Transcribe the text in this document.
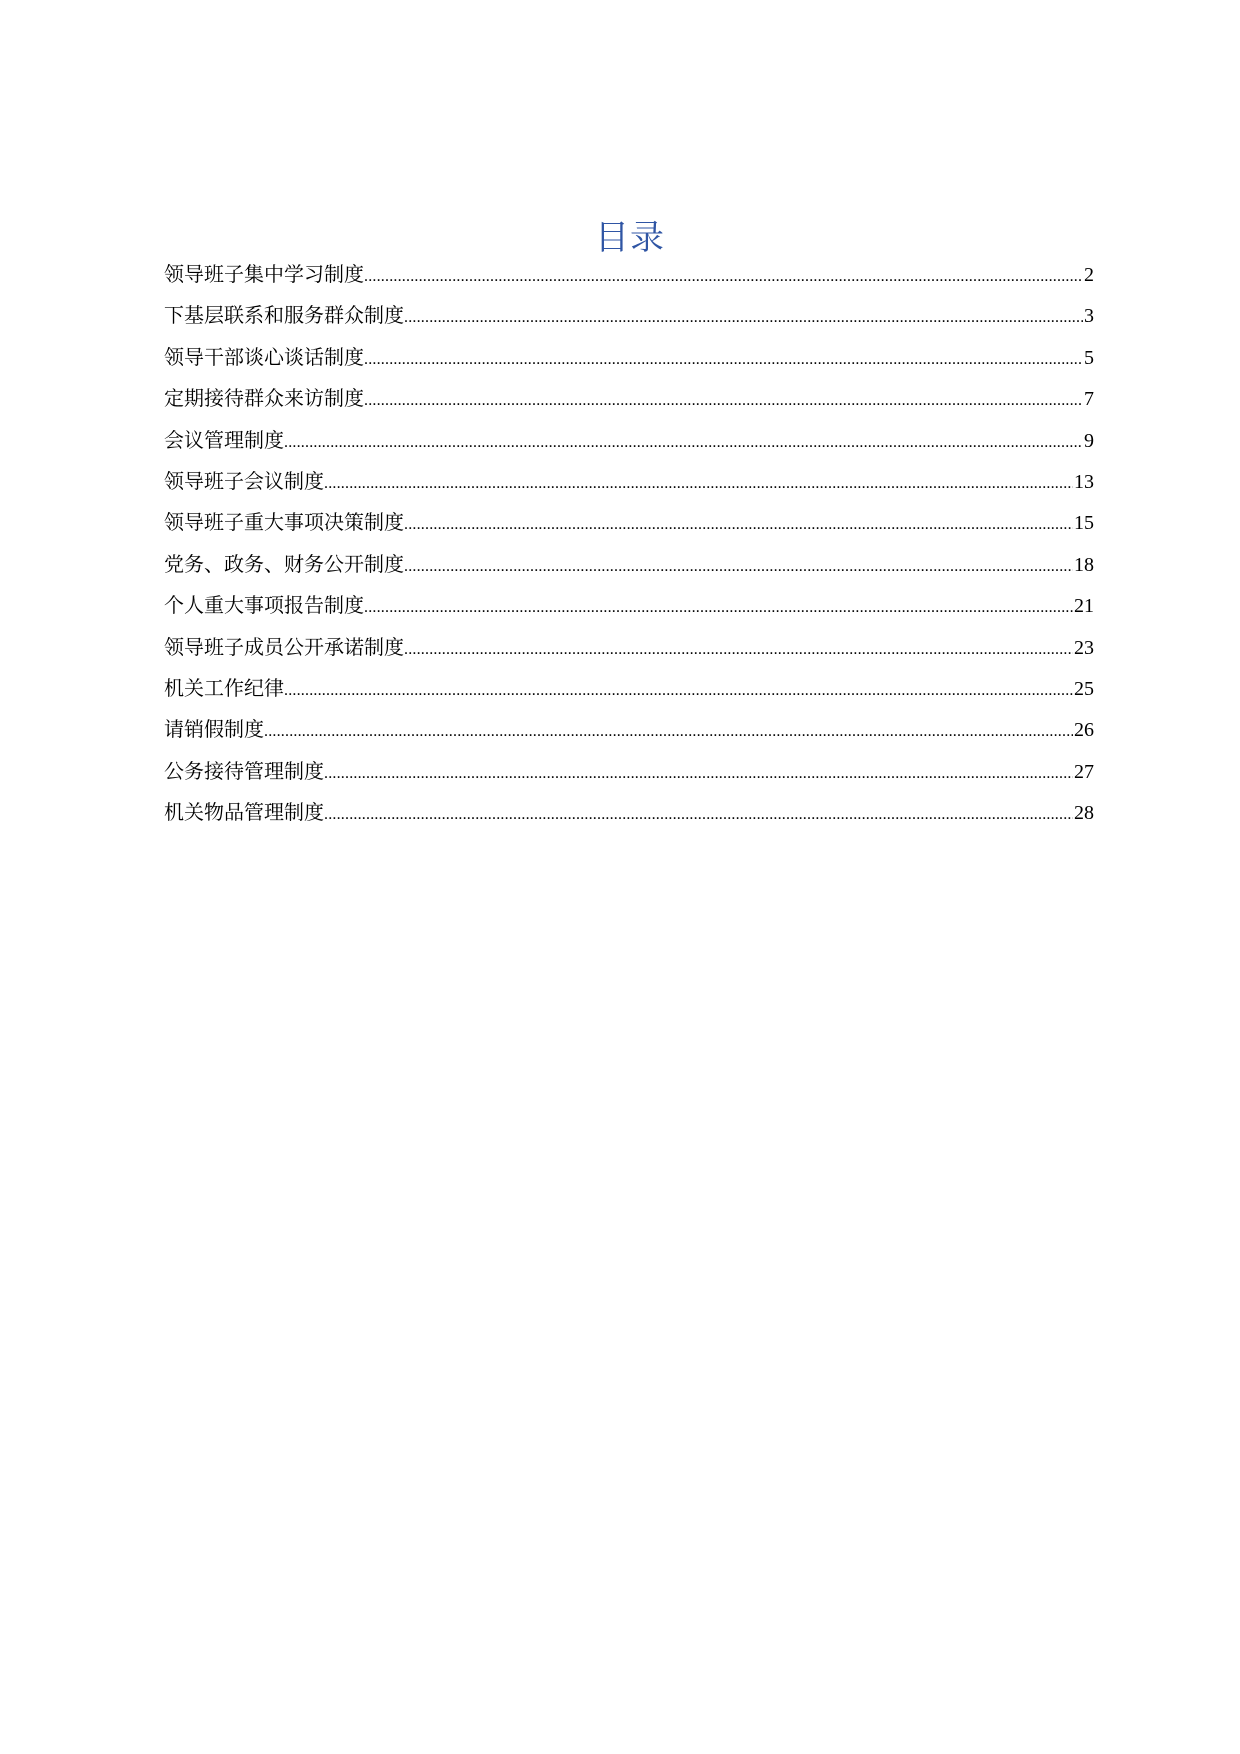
目录
领导班子集中学习制度 .....	2
下基层联系和服务群众制度 .....	3
领导干部谈心谈话制度 .....	5
定期接待群众来访制度 .....	7
会议管理制度 .....	9
领导班子会议制度 .....	13
领导班子重大事项决策制度 .....	15
党务、政务、财务公开制度 .....	18
个人重大事项报告制度 .....	21
领导班子成员公开承诺制度 .....	23
机关工作纪律 .....	25
请销假制度 .....	26
公务接待管理制度 .....	27
机关物品管理制度 .....	28
